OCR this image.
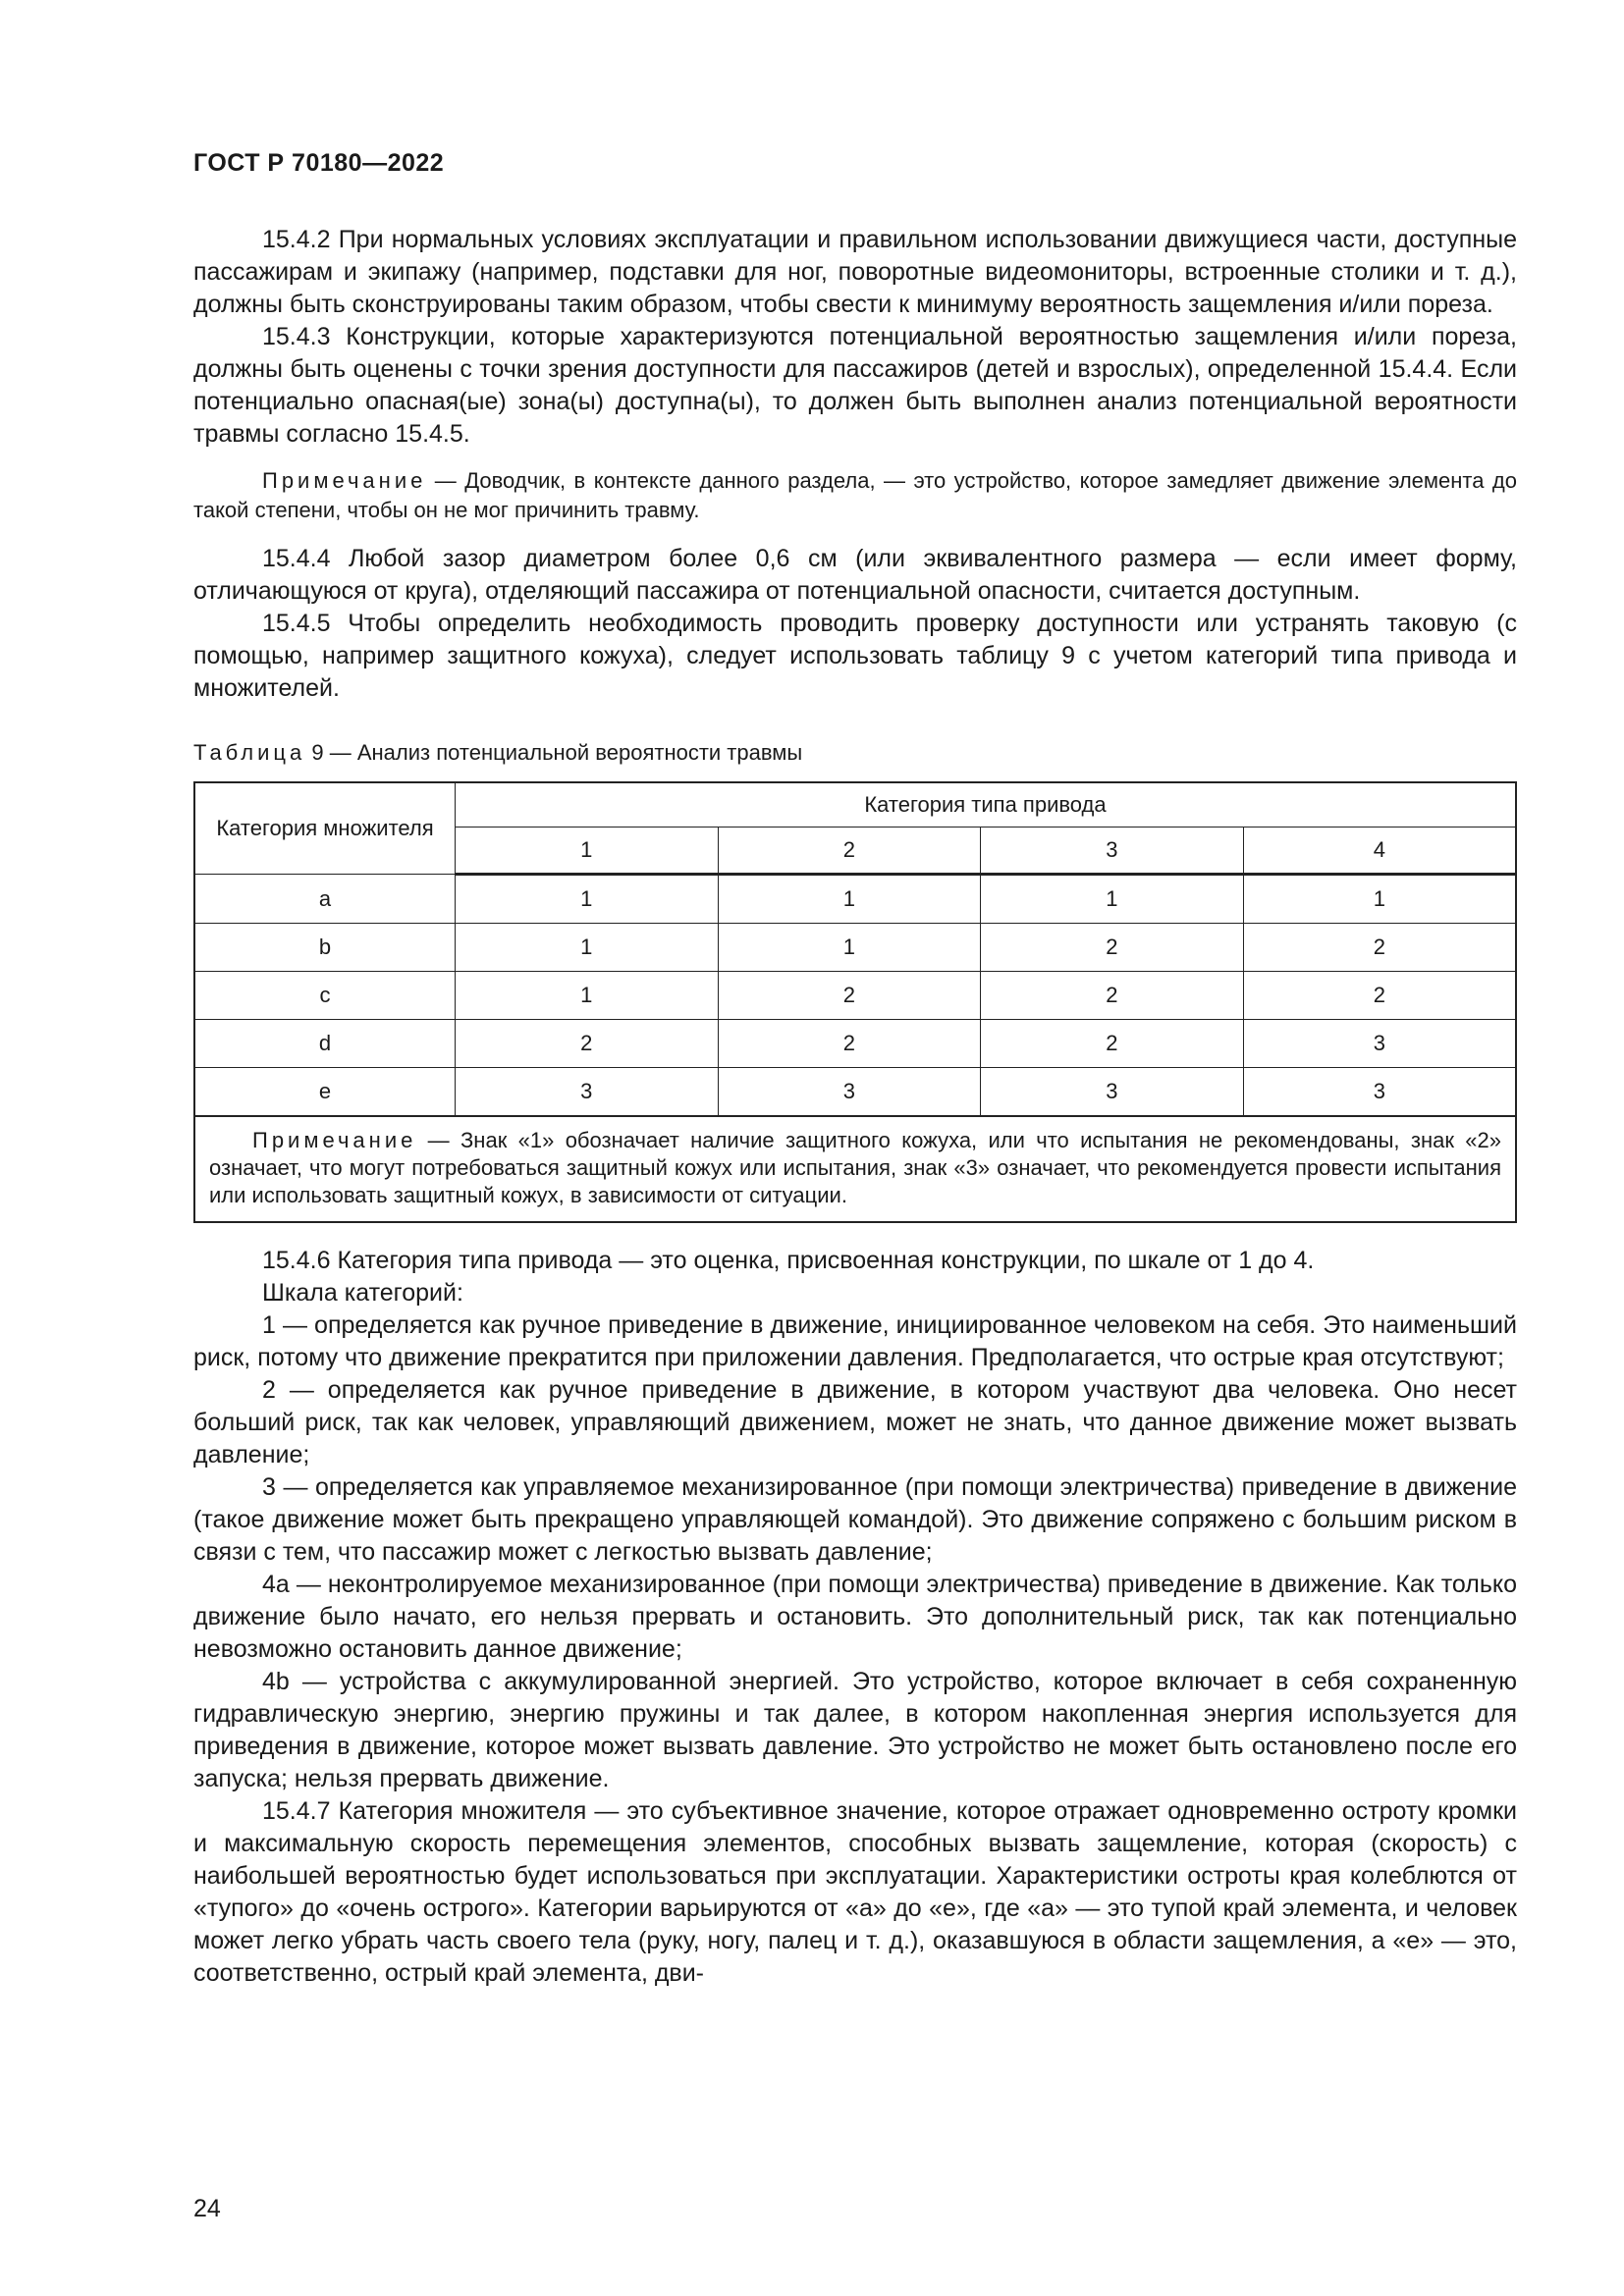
ГОСТ Р 70180—2022

15.4.2 При нормальных условиях эксплуатации и правильном использовании движущиеся части, доступные пассажирам и экипажу (например, подставки для ног, поворотные видеомониторы, встроенные столики и т. д.), должны быть сконструированы таким образом, чтобы свести к минимуму вероятность защемления и/или пореза.

15.4.3 Конструкции, которые характеризуются потенциальной вероятностью защемления и/или пореза, должны быть оценены с точки зрения доступности для пассажиров (детей и взрослых), определенной 15.4.4. Если потенциально опасная(ые) зона(ы) доступна(ы), то должен быть выполнен анализ потенциальной вероятности травмы согласно 15.4.5.

Примечание — Доводчик, в контексте данного раздела, — это устройство, которое замедляет движение элемента до такой степени, чтобы он не мог причинить травму.

15.4.4 Любой зазор диаметром более 0,6 см (или эквивалентного размера — если имеет форму, отличающуюся от круга), отделяющий пассажира от потенциальной опасности, считается доступным.

15.4.5 Чтобы определить необходимость проводить проверку доступности или устранять таковую (с помощью, например защитного кожуха), следует использовать таблицу 9 с учетом категорий типа привода и множителей.

Таблица 9 — Анализ потенциальной вероятности травмы
Категория множителя	Категория типа привода			
	1	2	3	4
a	1	1	1	1
b	1	1	2	2
c	1	2	2	2
d	2	2	2	3
e	3	3	3	3
Примечание — Знак «1» обозначает наличие защитного кожуха, или что испытания не рекомендованы, знак «2» означает, что могут потребоваться защитный кожух или испытания, знак «3» означает, что рекомендуется провести испытания или использовать защитный кожух, в зависимости от ситуации.				

15.4.6 Категория типа привода — это оценка, присвоенная конструкции, по шкале от 1 до 4.

Шкала категорий:

1 — определяется как ручное приведение в движение, инициированное человеком на себя. Это наименьший риск, потому что движение прекратится при приложении давления. Предполагается, что острые края отсутствуют;

2 — определяется как ручное приведение в движение, в котором участвуют два человека. Оно несет больший риск, так как человек, управляющий движением, может не знать, что данное движение может вызвать давление;

3 — определяется как управляемое механизированное (при помощи электричества) приведение в движение (такое движение может быть прекращено управляющей командой). Это движение сопряжено с большим риском в связи с тем, что пассажир может с легкостью вызвать давление;

4a — неконтролируемое механизированное (при помощи электричества) приведение в движение. Как только движение было начато, его нельзя прервать и остановить. Это дополнительный риск, так как потенциально невозможно остановить данное движение;

4b — устройства с аккумулированной энергией. Это устройство, которое включает в себя сохраненную гидравлическую энергию, энергию пружины и так далее, в котором накопленная энергия используется для приведения в движение, которое может вызвать давление. Это устройство не может быть остановлено после его запуска; нельзя прервать движение.

15.4.7 Категория множителя — это субъективное значение, которое отражает одновременно остроту кромки и максимальную скорость перемещения элементов, способных вызвать защемление, которая (скорость) с наибольшей вероятностью будет использоваться при эксплуатации. Характеристики остроты края колеблются от «тупого» до «очень острого». Категории варьируются от «а» до «е», где «а» — это тупой край элемента, и человек может легко убрать часть своего тела (руку, ногу, палец и т. д.), оказавшуюся в области защемления, а «е» — это, соответственно, острый край элемента, дви-

24
